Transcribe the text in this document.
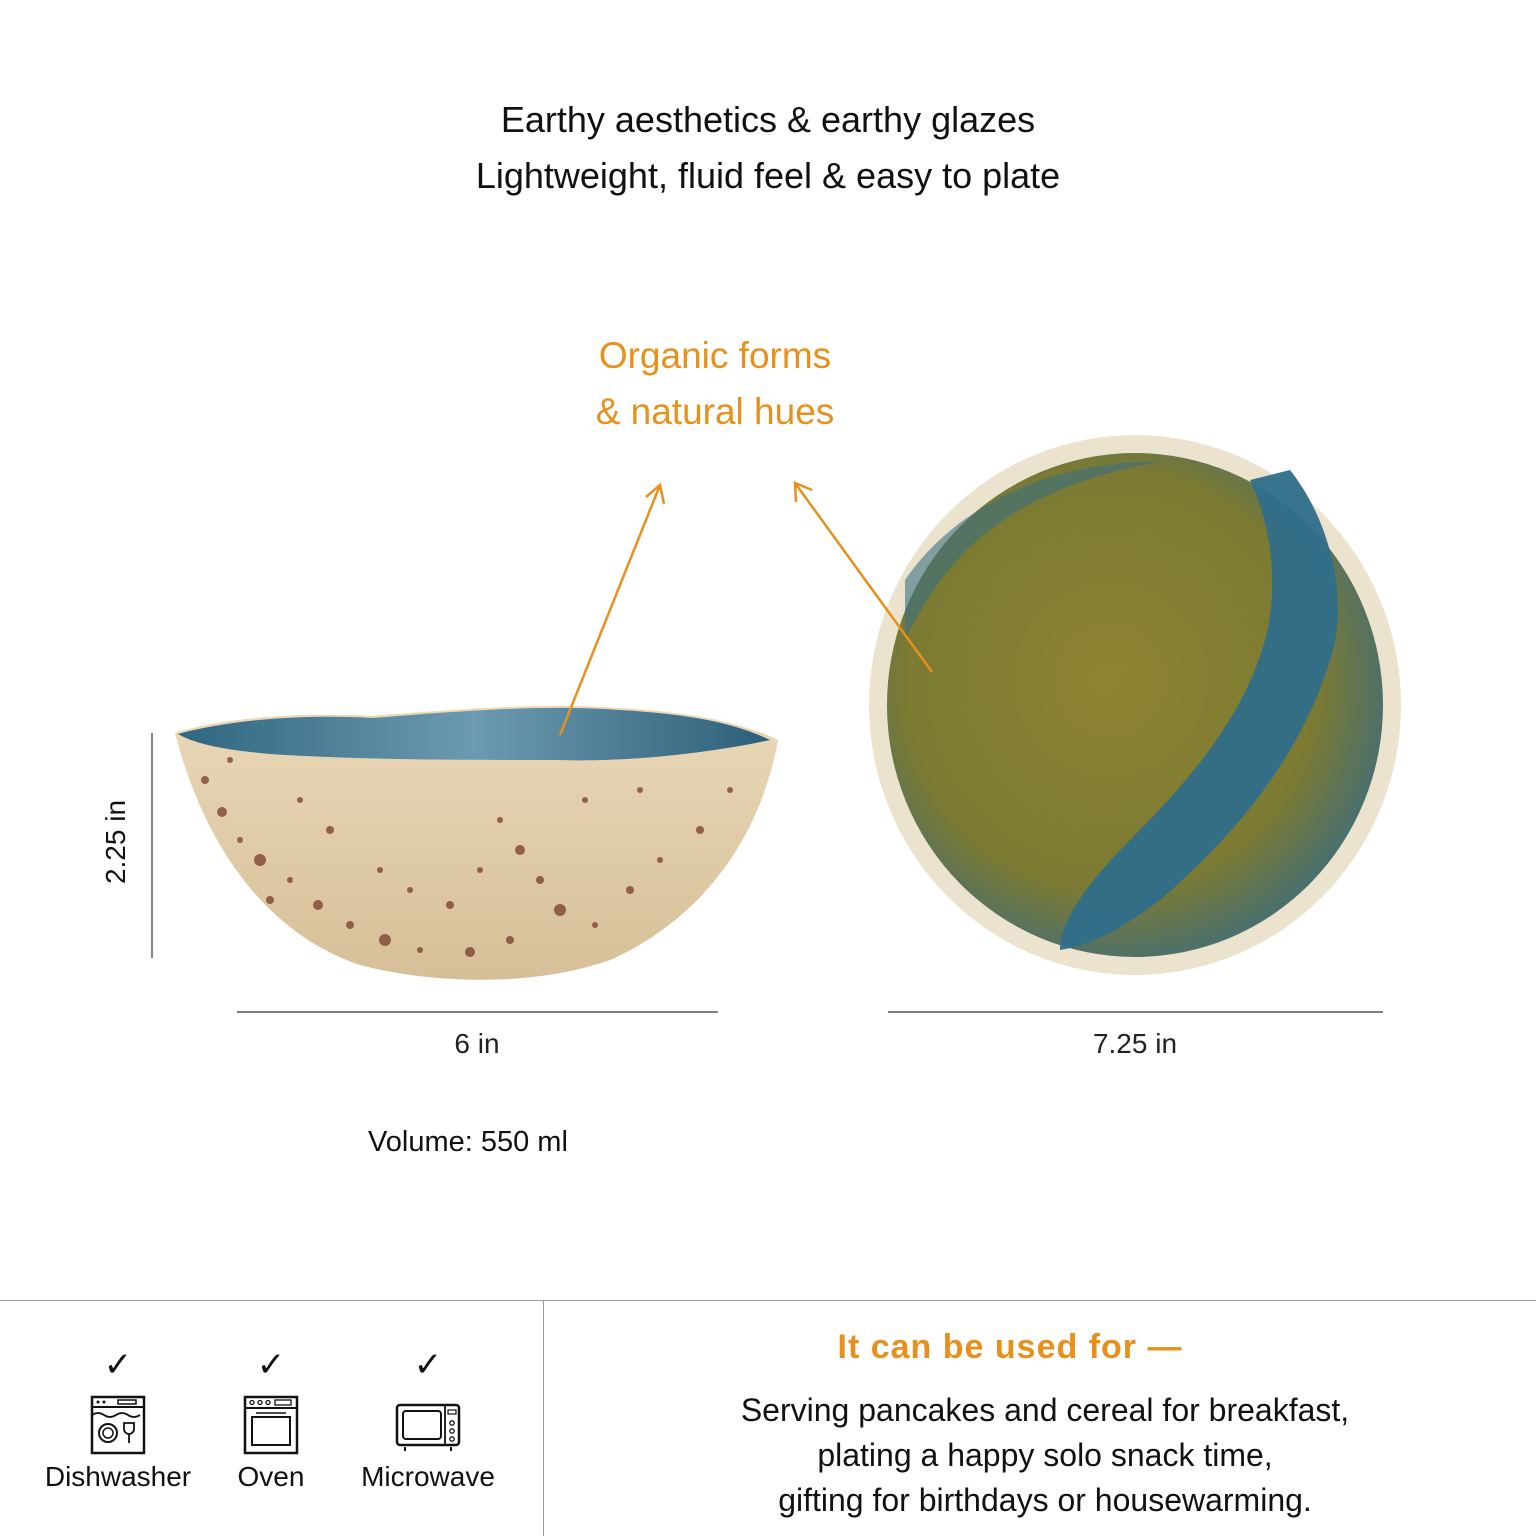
Earthy aesthetics & earthy glazes
Lightweight, fluid feel & easy to plate
Organic forms
& natural hues
2.25 in
6 in	7.25 in
Volume: 550 ml
✓
Dishwasher
✓
Oven
✓
Microwave
It can be used for —
Serving pancakes and cereal for breakfast,
plating a happy solo snack time,
gifting for birthdays or housewarming.
